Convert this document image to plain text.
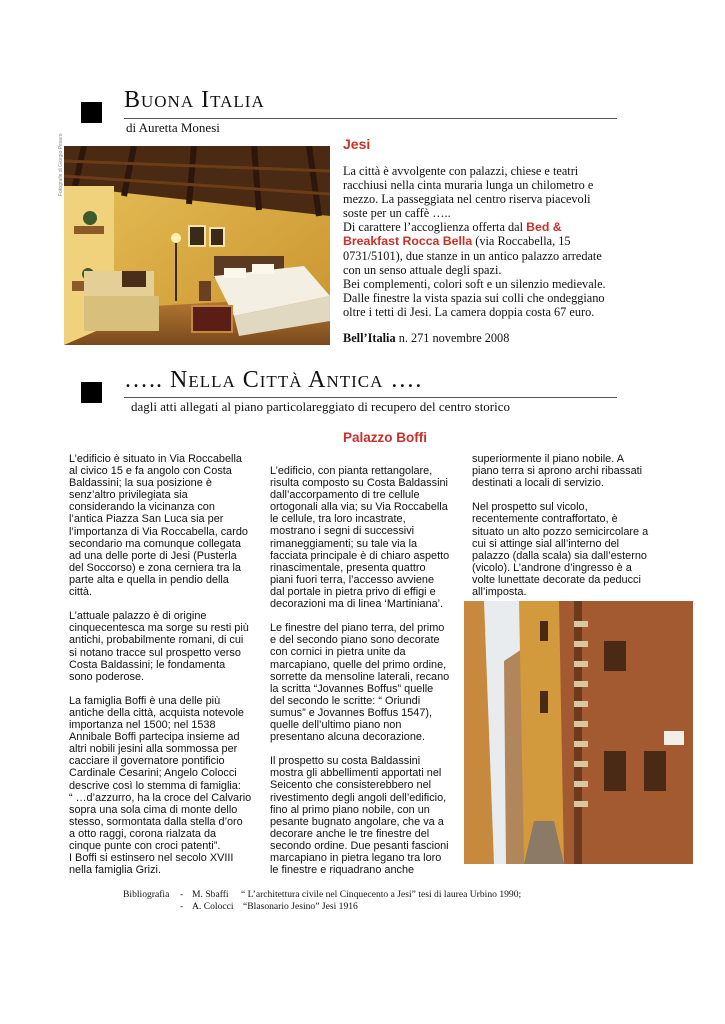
Buona Italia
di Auretta Monesi
Fotografie di Giorgio Pesaro	Jesi
La città è avvolgente con palazzi, chiese e teatri
racchiusi nella cinta muraria lunga un chilometro e
mezzo. La passeggiata nel centro riserva piacevoli
soste per un caffè …..
Di carattere l’accoglienza offerta dal Bed &
Breakfast Rocca Bella (via Roccabella, 15
0731/5101), due stanze in un antico palazzo arredate
con un senso attuale degli spazi.
Bei complementi, colori soft e un silenzio medievale.
Dalle finestre la vista spazia sui colli che ondeggiano
oltre i tetti di Jesi. La camera doppia costa 67 euro.
Bell’Italia n. 271 novembre 2008
….. Nella Città Antica ….
dagli atti allegati al piano particolareggiato di recupero del centro storico
Palazzo Boffi
L’edificio è situato in Via Roccabella
al civico 15 e fa angolo con Costa
Baldassini; la sua posizione è
senz’altro privilegiata sia
considerando la vicinanza con
l’antica Piazza San Luca sia per
l’importanza di Via Roccabella, cardo
secondario ma comunque collegata
ad una delle porte di Jesi (Pusterla
del Soccorso) e zona cerniera tra la
parte alta e quella in pendio della
città.
L’attuale palazzo è di origine
cinquecentesca ma sorge su resti più
antichi, probabilmente romani, di cui
si notano tracce sul prospetto verso
Costa Baldassini; le fondamenta
sono poderose.
La famiglia Boffi è una delle più
antiche della città, acquista notevole
importanza nel 1500; nel 1538
Annibale Boffi partecipa insieme ad
altri nobili jesini alla sommossa per
cacciare il governatore pontificio
Cardinale Cesarini; Angelo Colocci
descrive così lo stemma di famiglia:
“ …d’azzurro, ha la croce del Calvario
sopra una sola cima di monte dello
stesso, sormontata dalla stella d’oro
a otto raggi, corona rialzata da
cinque punte con croci patenti”.
I Boffi si estinsero nel secolo XVIII
nella famiglia Grizi.
L’edificio, con pianta rettangolare,
risulta composto su Costa Baldassini
dall’accorpamento di tre cellule
ortogonali alla via; su Via Roccabella
le cellule, tra loro incastrate,
mostrano i segni di successivi
rimaneggiamenti; su tale via la
facciata principale è di chiaro aspetto
rinascimentale, presenta quattro
piani fuori terra, l’accesso avviene
dal portale in pietra privo di effigi e
decorazioni ma di linea ‘Martiniana’.
Le finestre del piano terra, del primo
e del secondo piano sono decorate
con cornici in pietra unite da
marcapiano, quelle del primo ordine,
sorrette da mensoline laterali, recano
la scritta “Jovannes Boffus” quelle
del secondo le scritte: “ Oriundi
sumus” e Jovannes Boffus 1547),
quelle dell’ultimo piano non
presentano alcuna decorazione.
Il prospetto su costa Baldassini
mostra gli abbellimenti apportati nel
Seicento che consisterebbero nel
rivestimento degli angoli dell’edificio,
fino al primo piano nobile, con un
pesante bugnato angolare, che va a
decorare anche le tre finestre del
secondo ordine. Due pesanti fascioni
marcapiano in pietra legano tra loro
le finestre e riquadrano anche
superiormente il piano nobile. A
piano terra si aprono archi ribassati
destinati a locali di servizio.
Nel prospetto sul vicolo,
recentemente contraffortato, è
situato un alto pozzo semicircolare a
cui si attinge sial all’interno del
palazzo (dalla scala) sia dall’esterno
(vicolo). L’androne d’ingresso è a
volte lunettate decorate da peducci
all’imposta.
Bibliografia - M. Sbaffi “ L’architettura civile nel Cinquecento a Jesi” tesi di laurea Urbino 1990;
- A. Colocci “Blasonario Jesino” Jesi 1916
